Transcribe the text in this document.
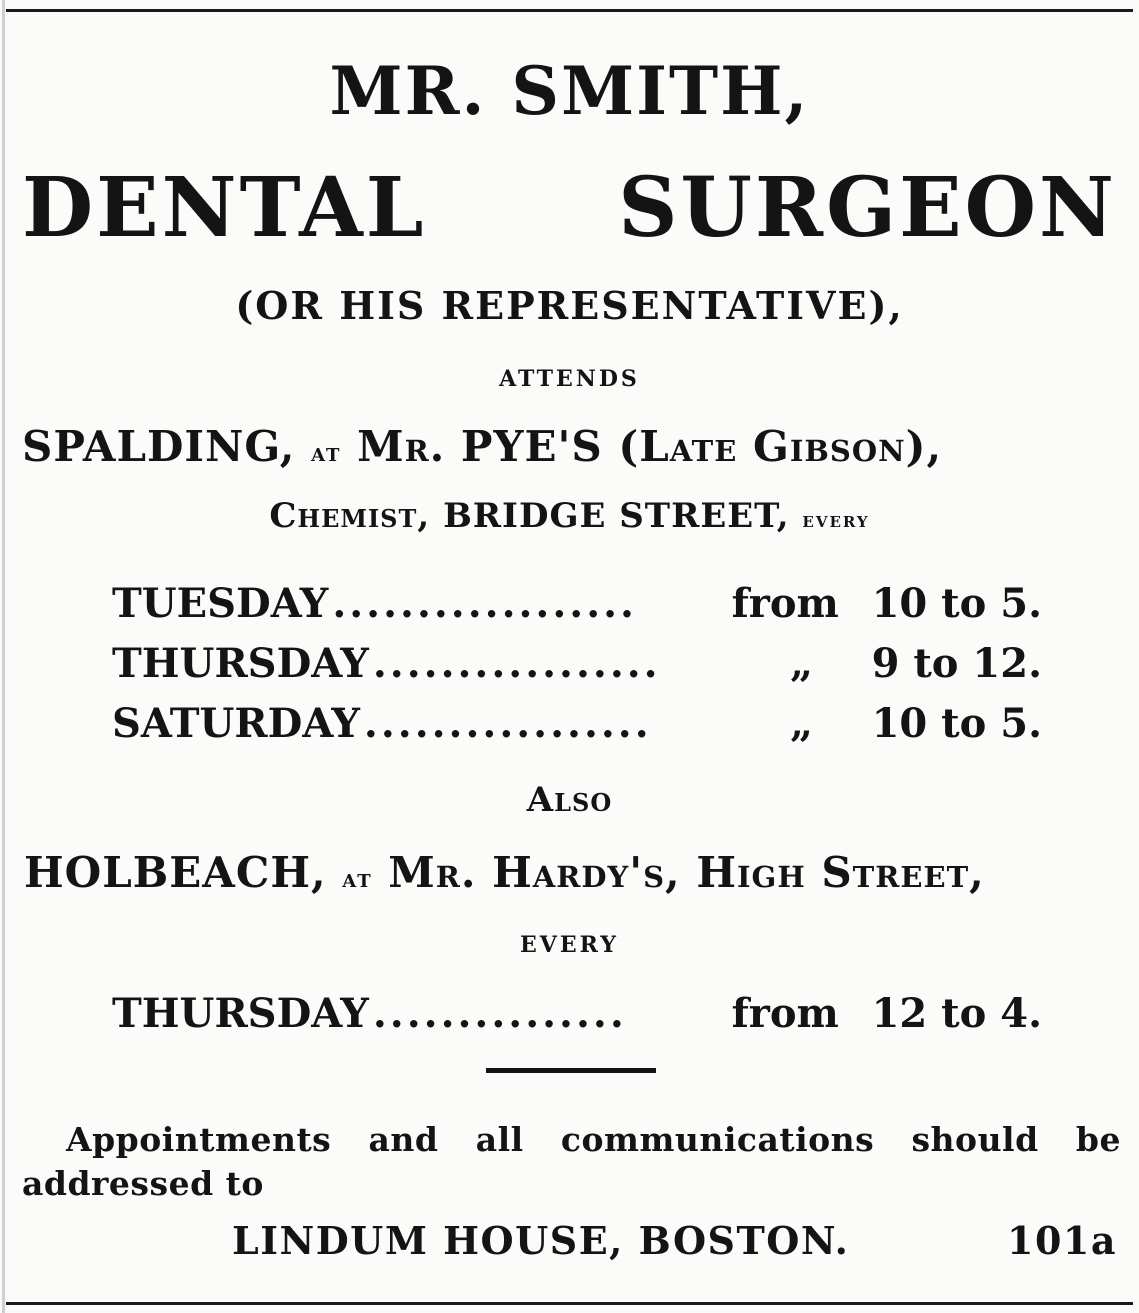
MR. SMITH,
DENTAL SURGEON
(OR HIS REPRESENTATIVE),
ATTENDS
SPALDING, at Mr. PYE'S (Late Gibson),
Chemist, BRIDGE STREET, every
TUESDAY ..................	from 10 to 5.
THURSDAY .................	„	9 to 12.
SATURDAY .................	„	10 to 5.
Also
HOLBEACH, at Mr. Hardy's, High Street,
EVERY
THURSDAY ...............	from 12 to 4.
Appointments and all communications should be addressed to
LINDUM HOUSE, BOSTON.	101a
